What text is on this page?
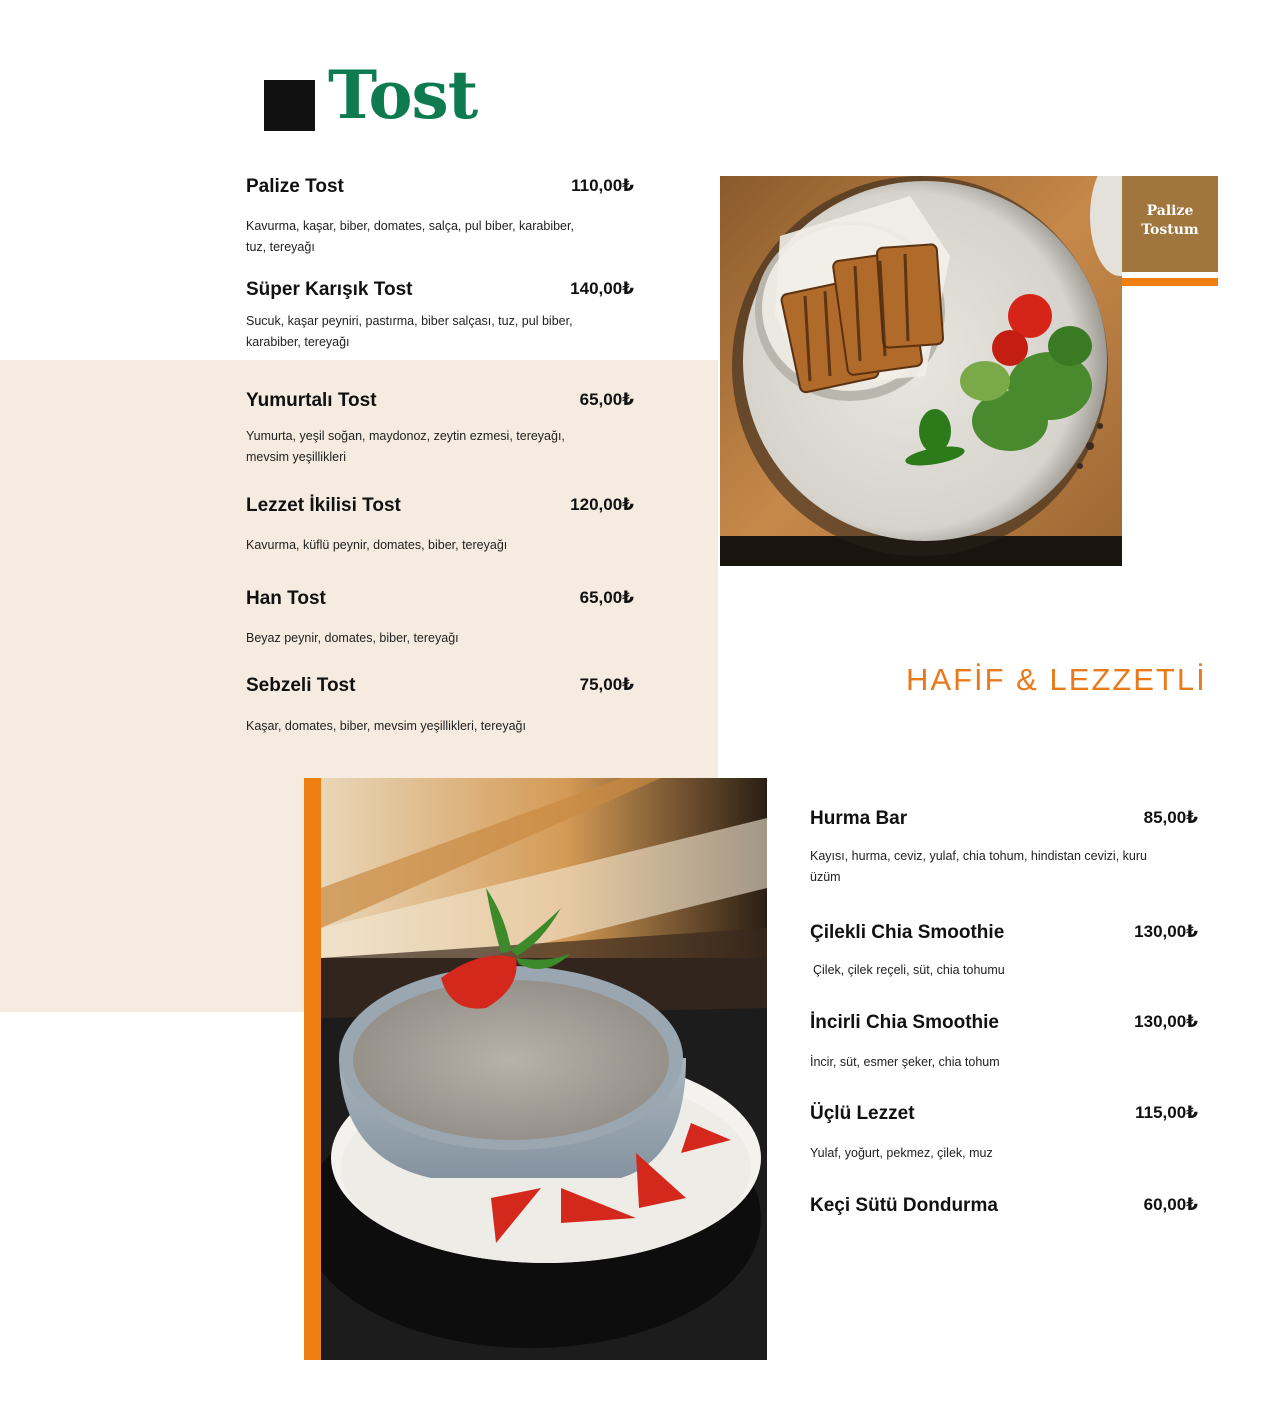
Tost
Palize Tost	110,00₺
Kavurma, kaşar, biber, domates, salça, pul biber, karabiber, tuz, tereyağı
Süper Karışık Tost	140,00₺
Sucuk, kaşar peyniri, pastırma, biber salçası, tuz, pul biber, karabiber, tereyağı
Yumurtalı Tost	65,00₺
Yumurta, yeşil soğan, maydonoz, zeytin ezmesi, tereyağı, mevsim yeşillikleri
Lezzet İkilisi Tost	120,00₺
Kavurma, küflü peynir, domates, biber, tereyağı
Han Tost	65,00₺
Beyaz peynir, domates, biber, tereyağı
Sebzeli Tost	75,00₺
Kaşar, domates, biber, mevsim yeşillikleri, tereyağı
Palize
Tostum
HAFİF & LEZZETLİ
Hurma Bar	85,00₺
Kayısı, hurma, ceviz, yulaf, chia tohum, hindistan cevizi, kuru üzüm
Çilekli Chia Smoothie	130,00₺
Çilek, çilek reçeli, süt, chia tohumu
İncirli Chia Smoothie	130,00₺
İncir, süt, esmer şeker, chia tohum
Üçlü Lezzet	115,00₺
Yulaf, yoğurt, pekmez, çilek, muz
Keçi Sütü Dondurma	60,00₺
